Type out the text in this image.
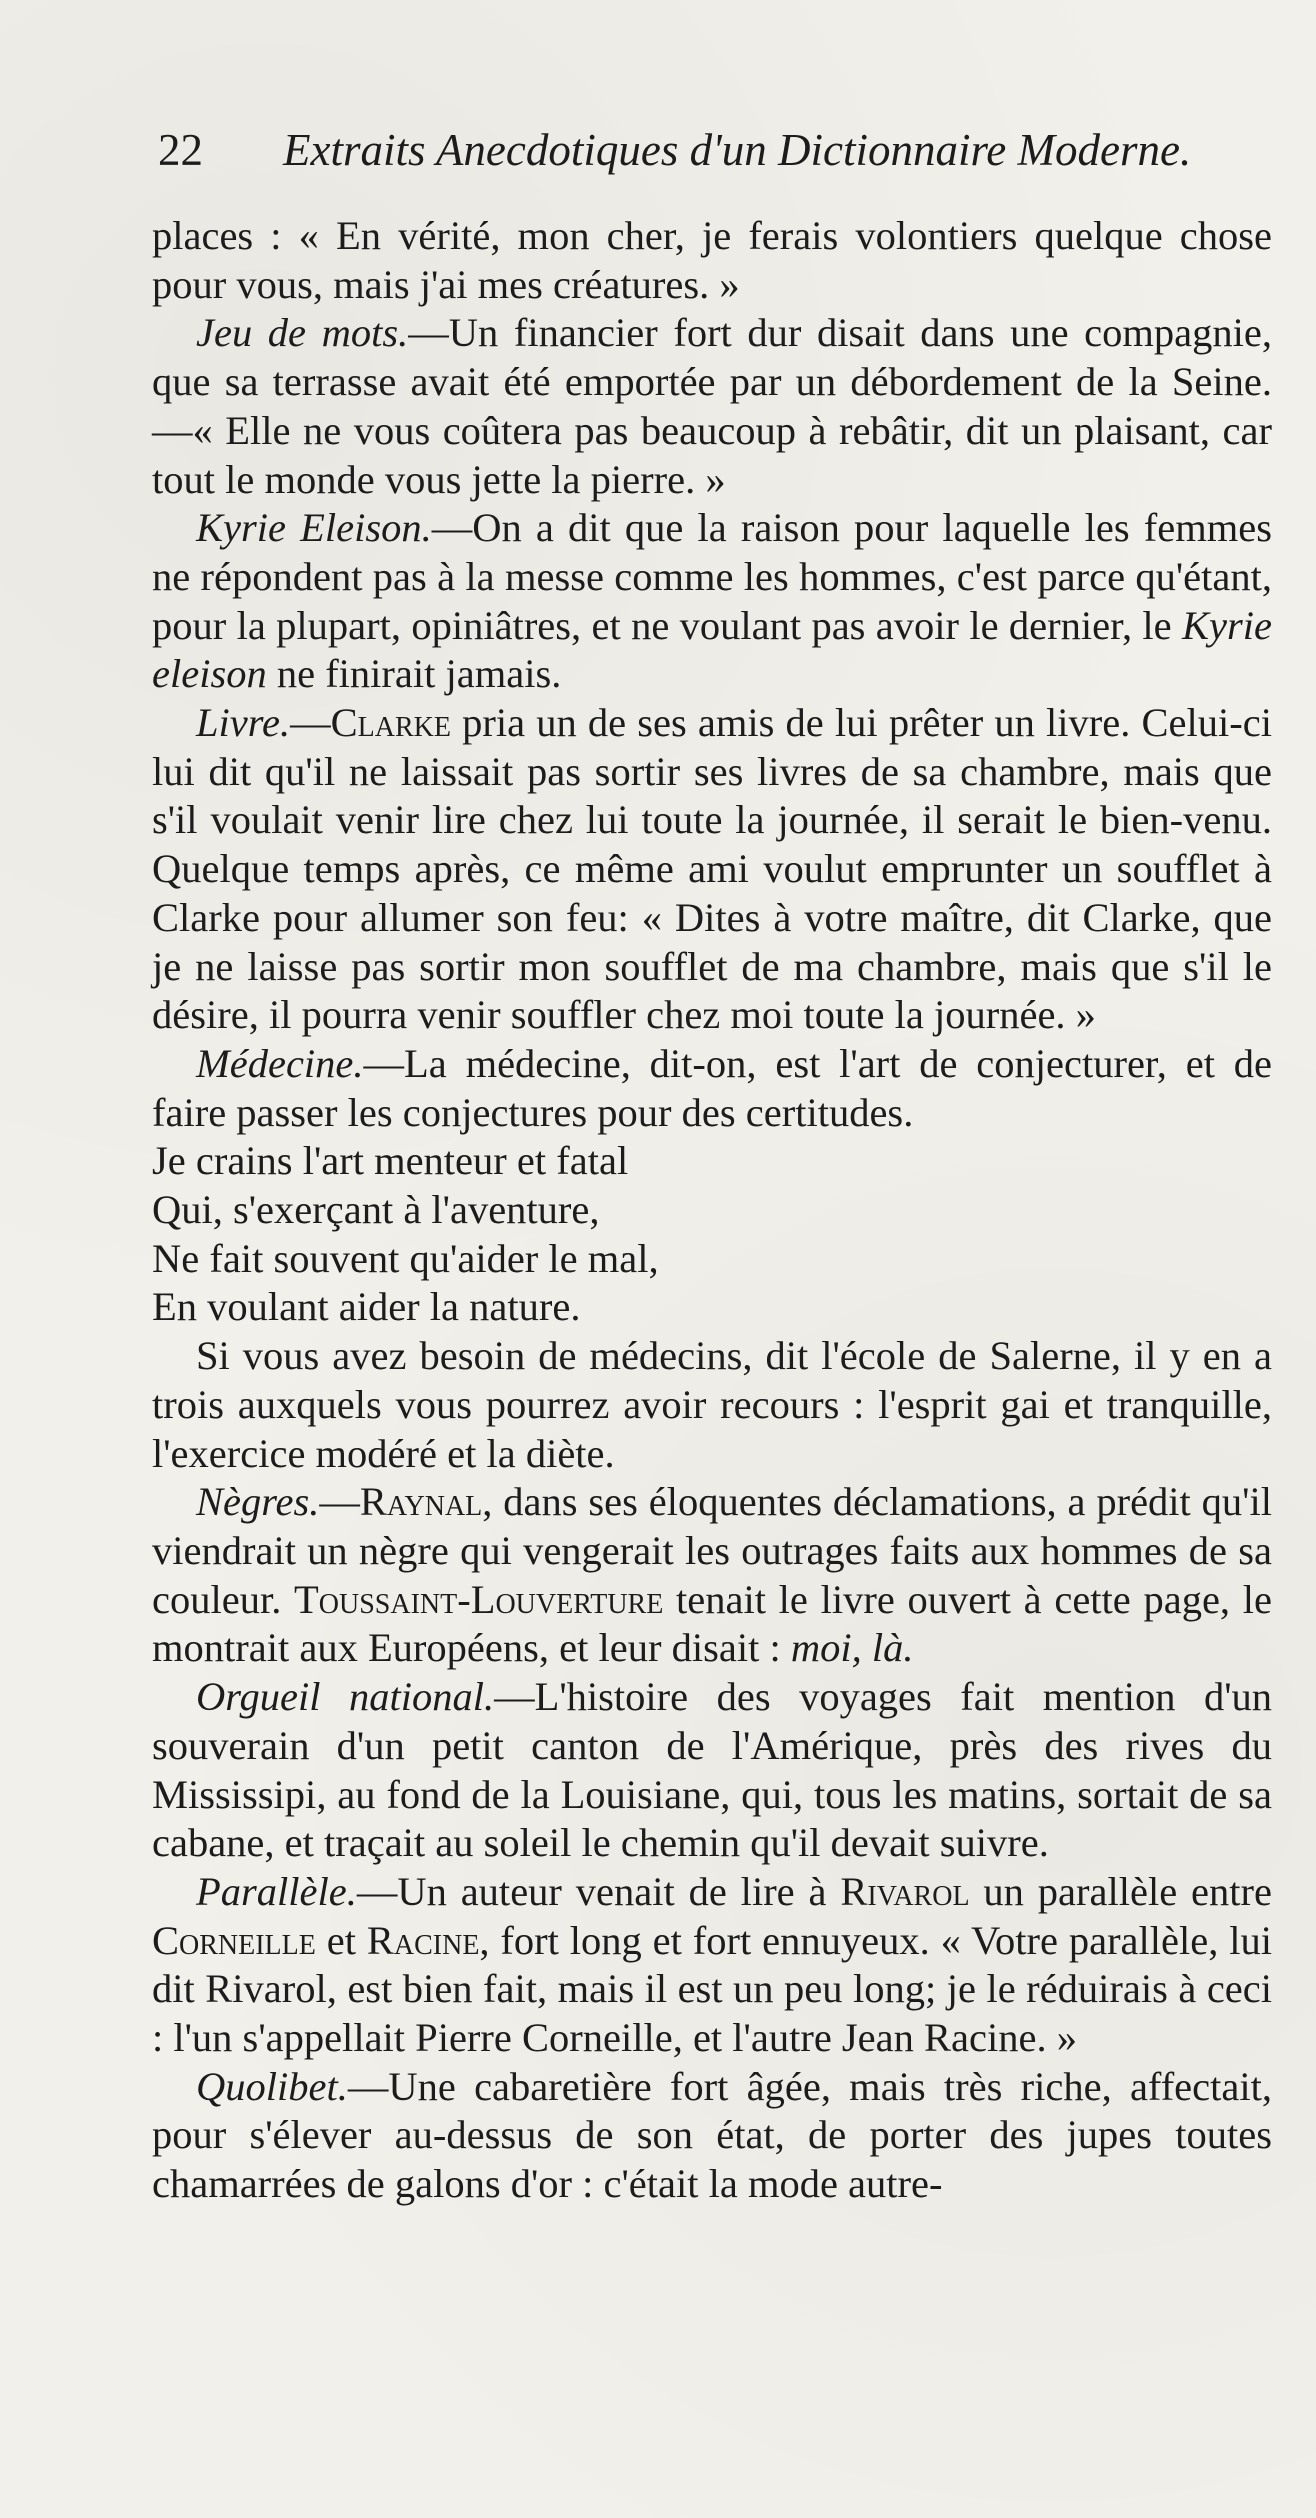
22 Extraits Anecdotiques d'un Dictionnaire Moderne.

places : « En vérité, mon cher, je ferais volontiers quelque chose pour vous, mais j'ai mes créatures. »

Jeu de mots.—Un financier fort dur disait dans une compagnie, que sa terrasse avait été emportée par un débordement de la Seine.—« Elle ne vous coûtera pas beaucoup à rebâtir, dit un plaisant, car tout le monde vous jette la pierre. »

Kyrie Eleison.—On a dit que la raison pour laquelle les femmes ne répondent pas à la messe comme les hommes, c'est parce qu'étant, pour la plupart, opiniâtres, et ne voulant pas avoir le dernier, le Kyrie eleison ne finirait jamais.

Livre.—Clarke pria un de ses amis de lui prêter un livre. Celui-ci lui dit qu'il ne laissait pas sortir ses livres de sa chambre, mais que s'il voulait venir lire chez lui toute la journée, il serait le bien-venu. Quelque temps après, ce même ami voulut emprunter un soufflet à Clarke pour allumer son feu: « Dites à votre maître, dit Clarke, que je ne laisse pas sortir mon soufflet de ma chambre, mais que s'il le désire, il pourra venir souffler chez moi toute la journée. »

Médecine.—La médecine, dit-on, est l'art de conjecturer, et de faire passer les conjectures pour des certitudes.

Je crains l'art menteur et fatal
Qui, s'exerçant à l'aventure,
Ne fait souvent qu'aider le mal,
En voulant aider la nature.

Si vous avez besoin de médecins, dit l'école de Salerne, il y en a trois auxquels vous pourrez avoir recours : l'esprit gai et tranquille, l'exercice modéré et la diète.

Nègres.—Raynal, dans ses éloquentes déclamations, a prédit qu'il viendrait un nègre qui vengerait les outrages faits aux hommes de sa couleur. Toussaint-Louverture tenait le livre ouvert à cette page, le montrait aux Européens, et leur disait : moi, là.

Orgueil national.—L'histoire des voyages fait mention d'un souverain d'un petit canton de l'Amérique, près des rives du Mississipi, au fond de la Louisiane, qui, tous les matins, sortait de sa cabane, et traçait au soleil le chemin qu'il devait suivre.

Parallèle.—Un auteur venait de lire à Rivarol un parallèle entre Corneille et Racine, fort long et fort ennuyeux. « Votre parallèle, lui dit Rivarol, est bien fait, mais il est un peu long; je le réduirais à ceci : l'un s'appellait Pierre Corneille, et l'autre Jean Racine. »

Quolibet.—Une cabaretière fort âgée, mais très riche, affectait, pour s'élever au-dessus de son état, de porter des jupes toutes chamarrées de galons d'or : c'était la mode autre-
